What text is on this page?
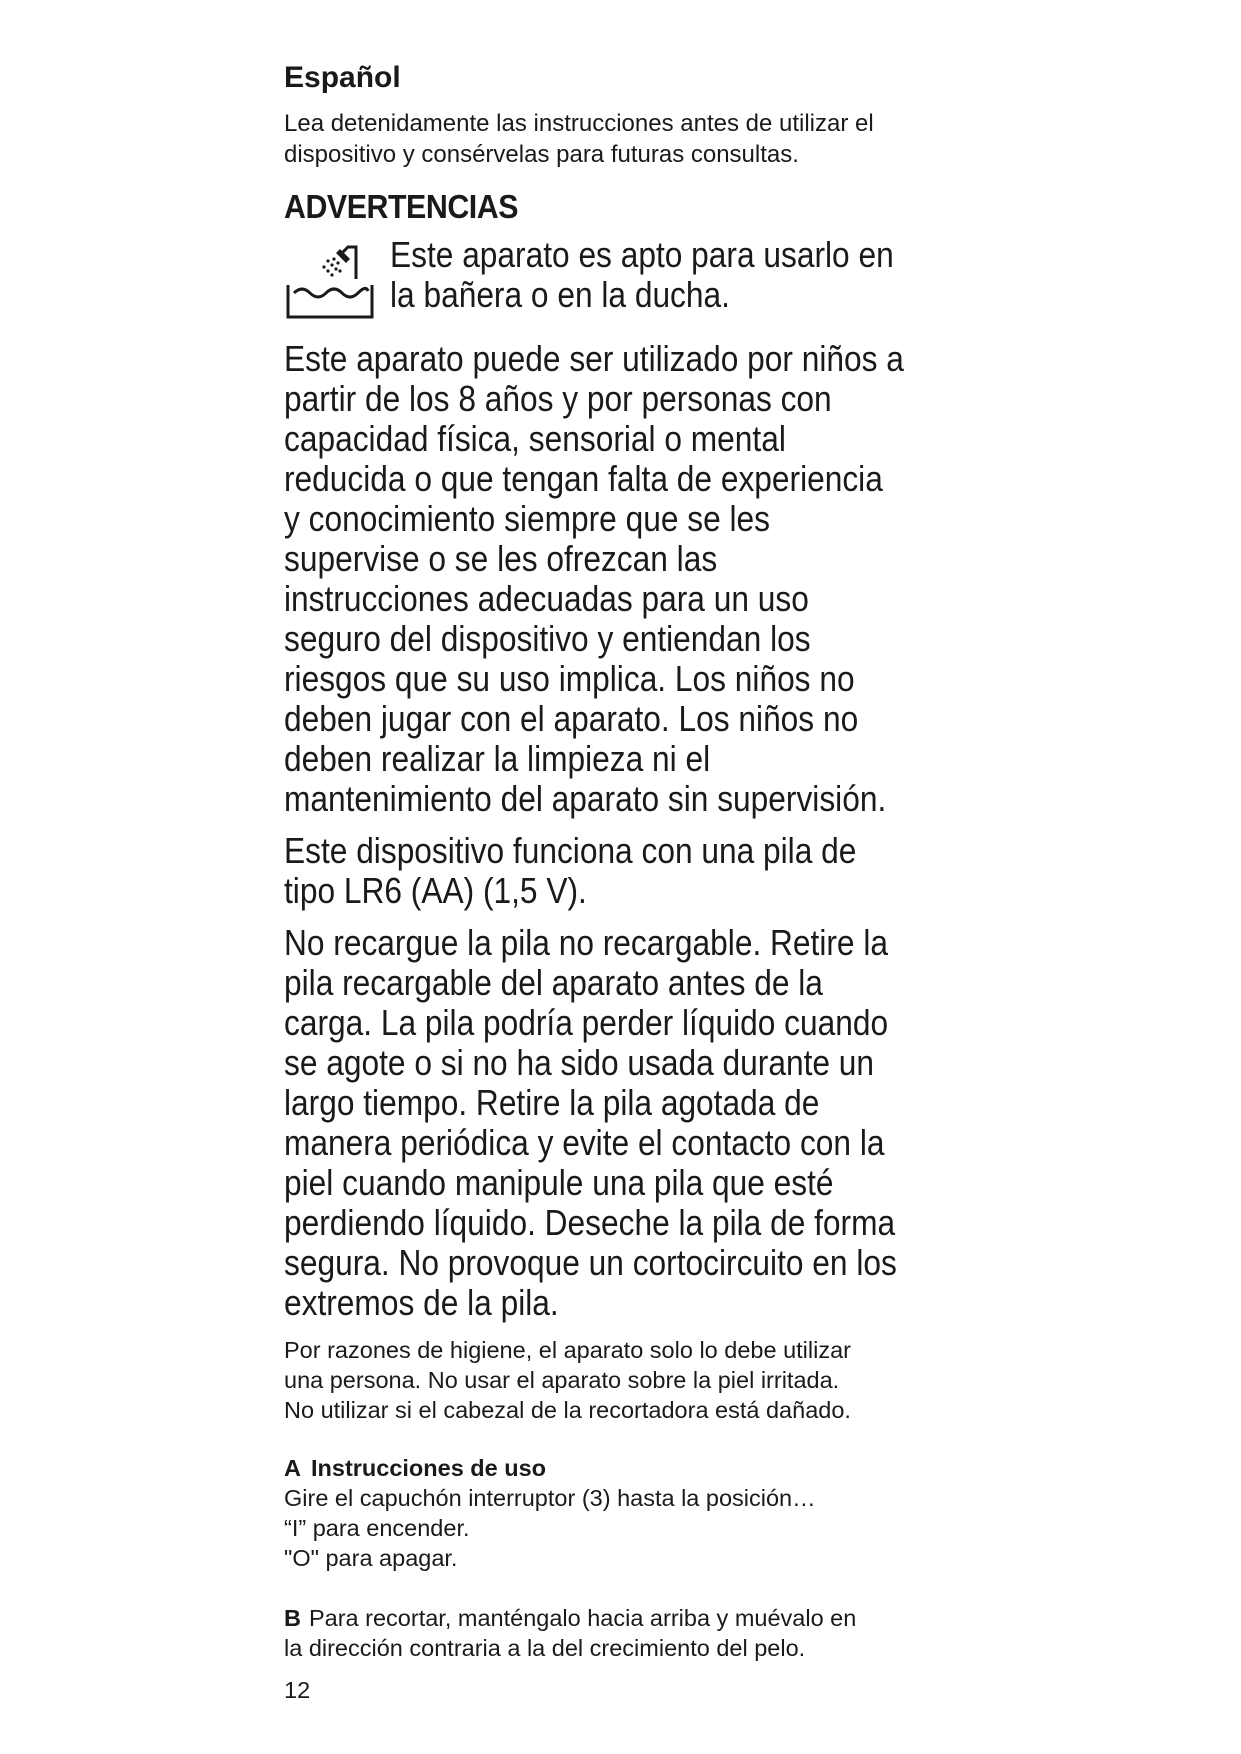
Español
Lea detenidamente las instrucciones antes de utilizar el dispositivo y consérvelas para futuras consultas.
ADVERTENCIAS
Este aparato es apto para usarlo en
la bañera o en la ducha.
Este aparato puede ser utilizado por niños a
partir de los 8 años y por personas con
capacidad física, sensorial o mental
reducida o que tengan falta de experiencia
y conocimiento siempre que se les
supervise o se les ofrezcan las
instrucciones adecuadas para un uso
seguro del dispositivo y entiendan los
riesgos que su uso implica. Los niños no
deben jugar con el aparato. Los niños no
deben realizar la limpieza ni el
mantenimiento del aparato sin supervisión.
Este dispositivo funciona con una pila de
tipo LR6 (AA) (1,5 V).
No recargue la pila no recargable. Retire la
pila recargable del aparato antes de la
carga. La pila podría perder líquido cuando
se agote o si no ha sido usada durante un
largo tiempo. Retire la pila agotada de
manera periódica y evite el contacto con la
piel cuando manipule una pila que esté
perdiendo líquido. Deseche la pila de forma
segura. No provoque un cortocircuito en los
extremos de la pila.
Por razones de higiene, el aparato solo lo debe utilizar
una persona. No usar el aparato sobre la piel irritada.
No utilizar si el cabezal de la recortadora está dañado.
A Instrucciones de uso
Gire el capuchón interruptor (3) hasta la posición…
“I” para encender.
"O" para apagar.
B Para recortar, manténgalo hacia arriba y muévalo en
la dirección contraria a la del crecimiento del pelo.
12
